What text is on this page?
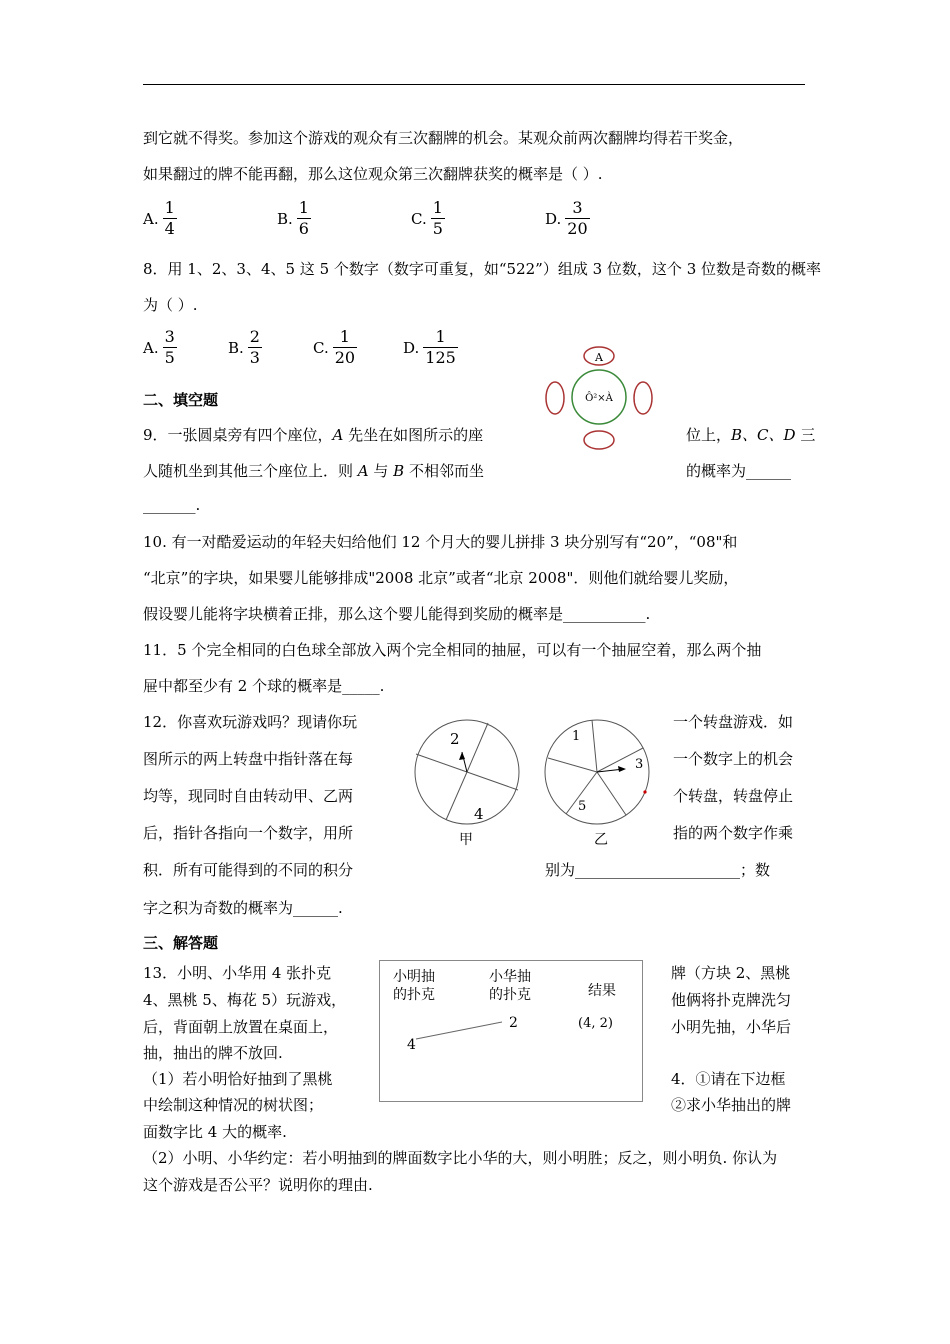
到它就不得奖。参加这个游戏的观众有三次翻牌的机会。某观众前两次翻牌均得若干奖金，
如果翻过的牌不能再翻，那么这位观众第三次翻牌获奖的概率是（ ）.
A. $\frac{1}{4}$	B. $\frac{1}{6}$	C. $\frac{1}{5}$	D. $\frac{3}{20}$
8．用 1、2、3、4、5 这 5 个数字（数字可重复，如“522”）组成 3 位数，这个 3 位数是奇数的概率
为（ ）.
A. $\frac{3}{5}$	B. $\frac{2}{3}$	C. $\frac{1}{20}$	D. $\frac{1}{125}$
二、填空题
A
Ô²×À
9．一张圆桌旁有四个座位，A 先坐在如图所示的座	位上，B、C、D 三
人随机坐到其他三个座位上．则 A 与 B 不相邻而坐	的概率为______
_______.
10. 有一对酷爱运动的年轻夫妇给他们 12 个月大的婴儿拼排 3 块分别写有“20”，“08"和
“北京”的字块，如果婴儿能够排成"2008 北京”或者“北京 2008"．则他们就给婴儿奖励，
假设婴儿能将字块横着正排，那么这个婴儿能得到奖励的概率是___________.
11．5 个完全相同的白色球全部放入两个完全相同的抽屉，可以有一个抽屉空着，那么两个抽
屉中都至少有 2 个球的概率是_____.
12．你喜欢玩游戏吗？现请你玩	一个转盘游戏．如
图所示的两上转盘中指针落在每	一个数字上的机会
均等，现同时自由转动甲、乙两	个转盘，转盘停止
后，指针各指向一个数字，用所	指的两个数字作乘
积．所有可能得到的不同的积分	别为______________________；数
字之积为奇数的概率为______.
2
4
甲
1
3
5
乙
三、解答题
13．小明、小华用 4 张扑克
4、黑桃 5、梅花 5）玩游戏，
后，背面朝上放置在桌面上，
抽，抽出的牌不放回.
（1）若小明恰好抽到了黑桃
中绘制这种情况的树状图；
面数字比 4 大的概率.
牌（方块 2、黑桃
他俩将扑克牌洗匀
小明先抽，小华后
4．①请在下边框
②求小华抽出的牌
小明抽
的扑克
小华抽
的扑克	结果
4
2	(4, 2)
（2）小明、小华约定：若小明抽到的牌面数字比小华的大，则小明胜；反之，则小明负. 你认为
这个游戏是否公平？说明你的理由.
